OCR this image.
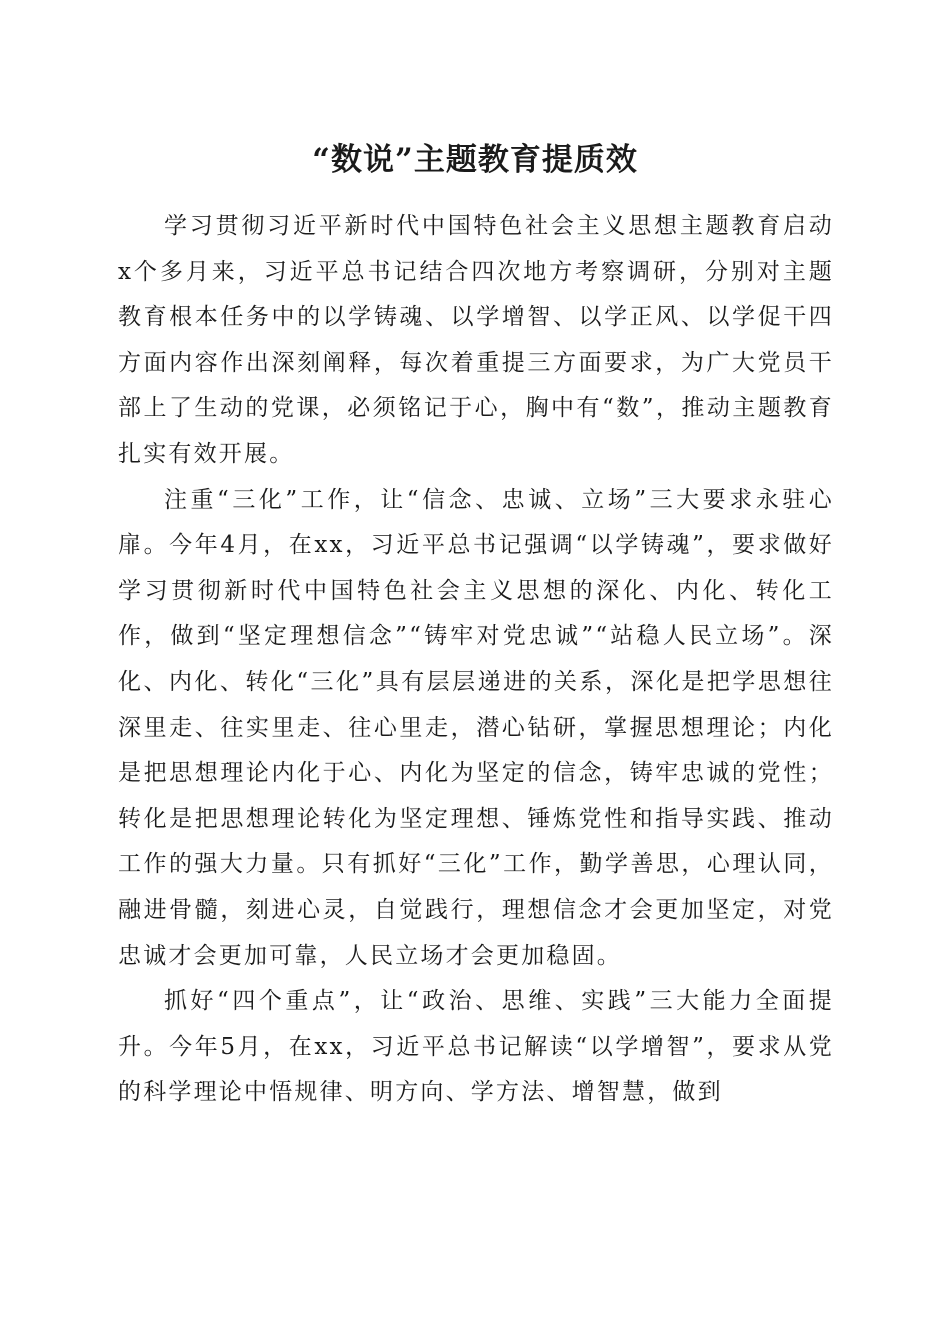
“数说”主题教育提质效

学习贯彻习近平新时代中国特色社会主义思想主题教育启动x个多月来，习近平总书记结合四次地方考察调研，分别对主题教育根本任务中的以学铸魂、以学增智、以学正风、以学促干四方面内容作出深刻阐释，每次着重提三方面要求，为广大党员干部上了生动的党课，必须铭记于心，胸中有“数”，推动主题教育扎实有效开展。

注重“三化”工作，让“信念、忠诚、立场”三大要求永驻心扉。今年4月，在xx，习近平总书记强调“以学铸魂”，要求做好学习贯彻新时代中国特色社会主义思想的深化、内化、转化工作，做到“坚定理想信念”“铸牢对党忠诚”“站稳人民立场”。深化、内化、转化“三化”具有层层递进的关系，深化是把学思想往深里走、往实里走、往心里走，潜心钻研，掌握思想理论；内化是把思想理论内化于心、内化为坚定的信念，铸牢忠诚的党性；转化是把思想理论转化为坚定理想、锤炼党性和指导实践、推动工作的强大力量。只有抓好“三化”工作，勤学善思，心理认同，融进骨髓，刻进心灵，自觉践行，理想信念才会更加坚定，对党忠诚才会更加可靠，人民立场才会更加稳固。

抓好“四个重点”，让“政治、思维、实践”三大能力全面提升。今年5月，在xx，习近平总书记解读“以学增智”，要求从党的科学理论中悟规律、明方向、学方法、增智慧，做到
